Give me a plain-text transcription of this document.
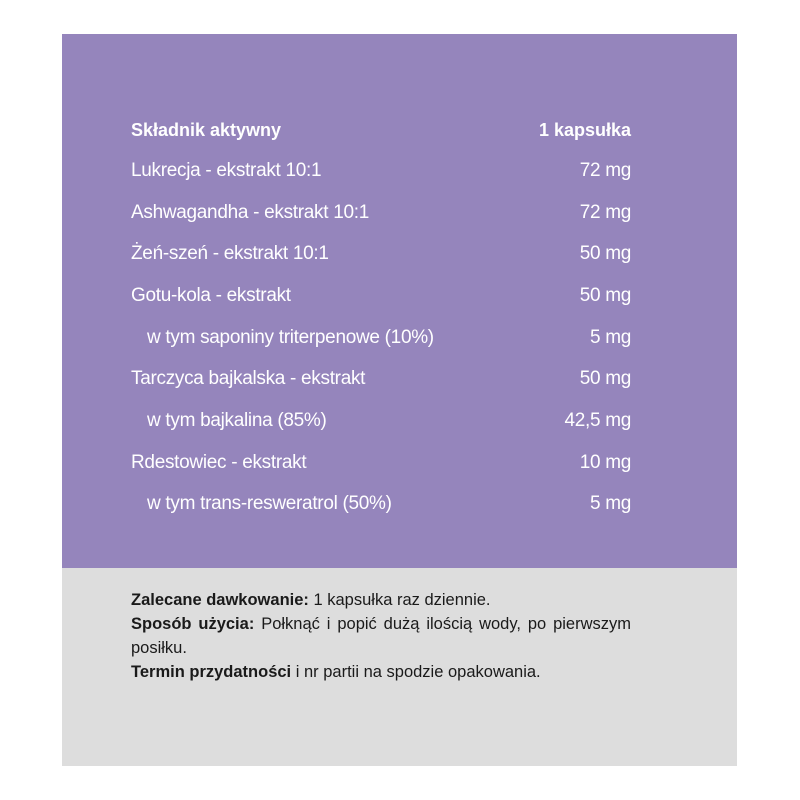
Składnik aktywny	1 kapsułka
Lukrecja - ekstrakt 10:1	72 mg
Ashwagandha - ekstrakt 10:1	72 mg
Żeń-szeń - ekstrakt 10:1	50 mg
Gotu-kola - ekstrakt	50 mg
w tym saponiny triterpenowe (10%)	5 mg
Tarczyca bajkalska - ekstrakt	50 mg
w tym bajkalina (85%)	42,5 mg
Rdestowiec - ekstrakt	10 mg
w tym trans-resweratrol (50%)	5 mg

Zalecane dawkowanie: 1 kapsułka raz dziennie.

Sposób użycia: Połknąć i popić dużą ilością wody, po pierwszym posiłku.

Termin przydatności i nr partii na spodzie opakowania.
